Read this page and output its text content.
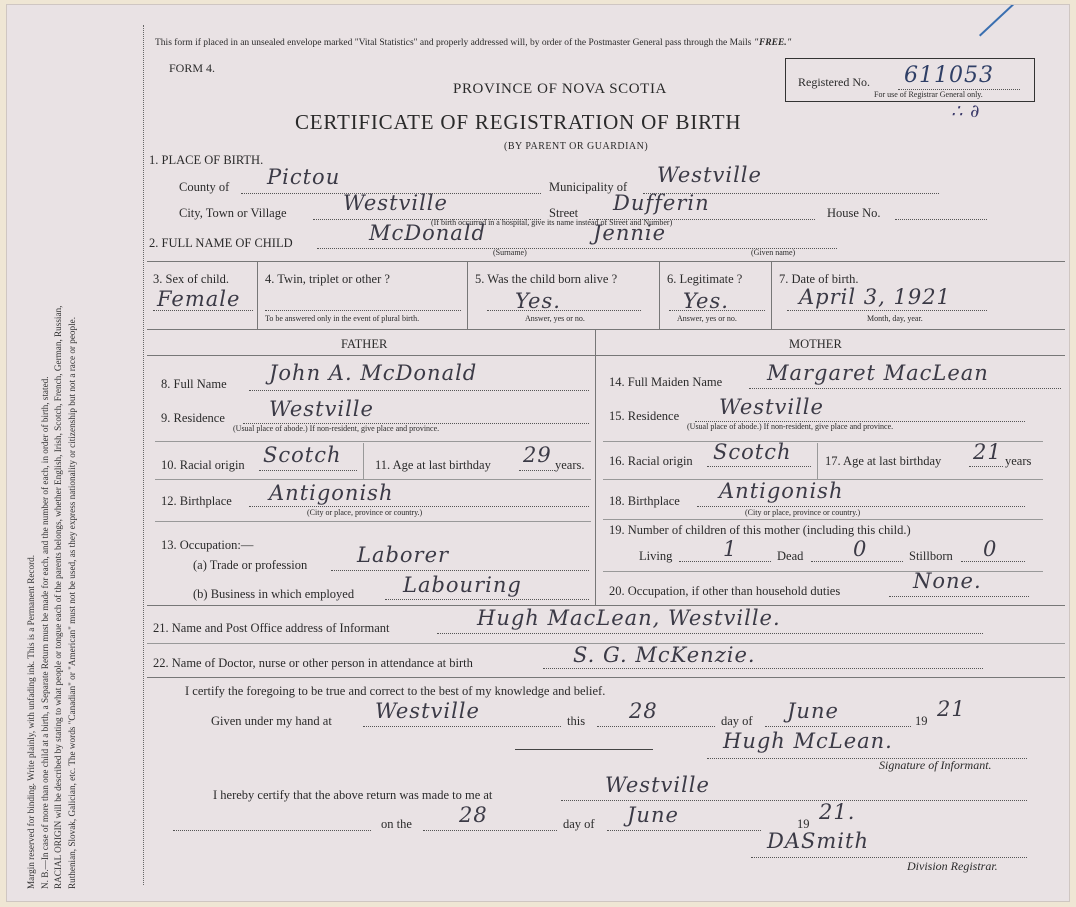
Margin reserved for binding. Write plainly, with unfading ink. This is a Permanent Record. N. B.—In case of more than one child at a birth, a Separate Return must be made for each, and the number of each, in order of birth, stated. RACIAL ORIGIN will be described by stating to what people or tongue each of the parents belongs, whether English, Irish, Scotch, French, German, Russian, Ruthenian, Slovak, Galician, etc. The words "Canadian" or "American" must not be used, as they express nationality or citizenship but not a race or people.
This form if placed in an unsealed envelope marked "Vital Statistics" and properly addressed will, by order of the Postmaster General pass through the Mails "FREE."
FORM 4.
PROVINCE OF NOVA SCOTIA
CERTIFICATE OF REGISTRATION OF BIRTH
(BY PARENT OR GUARDIAN)
Registered No. 611053
For use of Registrar General only.
∴ ∂
1. PLACE OF BIRTH.
County of Pictou	Municipality of Westville
City, Town or Village	Westville	Street Dufferin	House No.
(If birth occurred in a hospital, give its name instead of Street and Number)
2. FULL NAME OF CHILD	McDonald	Jennie
(Surname)	(Given name)
3. Sex of child.
Female
4. Twin, triplet or other ?
To be answered only in the event of plural birth.
5. Was the child born alive ?
Yes.
Answer, yes or no.
6. Legitimate ?
Yes.
Answer, yes or no.
7. Date of birth.
April 3, 1921
Month, day, year.
FATHER	MOTHER
8. Full Name John A. McDonald
9. Residence Westville
(Usual place of abode.) If non-resident, give place and province.
10. Racial origin Scotch	11. Age at last birthday 29 years.
12. Birthplace Antigonish
(City or place, province or country.)
13. Occupation:—
(a) Trade or profession Laborer
(b) Business in which employed Labouring
14. Full Maiden Name Margaret MacLean
15. Residence Westville
(Usual place of abode.) If non-resident, give place and province.
16. Racial origin Scotch	17. Age at last birthday 21 years
18. Birthplace Antigonish
(City or place, province or country.)
19. Number of children of this mother (including this child.)
Living 1	Dead 0	Stillborn 0
20. Occupation, if other than household duties	None.
21. Name and Post Office address of Informant	Hugh MacLean, Westville.
22. Name of Doctor, nurse or other person in attendance at birth	S. G. McKenzie.
I certify the foregoing to be true and correct to the best of my knowledge and belief.
Given under my hand at Westville	this 28	day of June	19 21
Hugh McLean.
Signature of Informant.
I hereby certify that the above return was made to me at	Westville
on the 28	day of June	19 21.
DASmith
Division Registrar.
